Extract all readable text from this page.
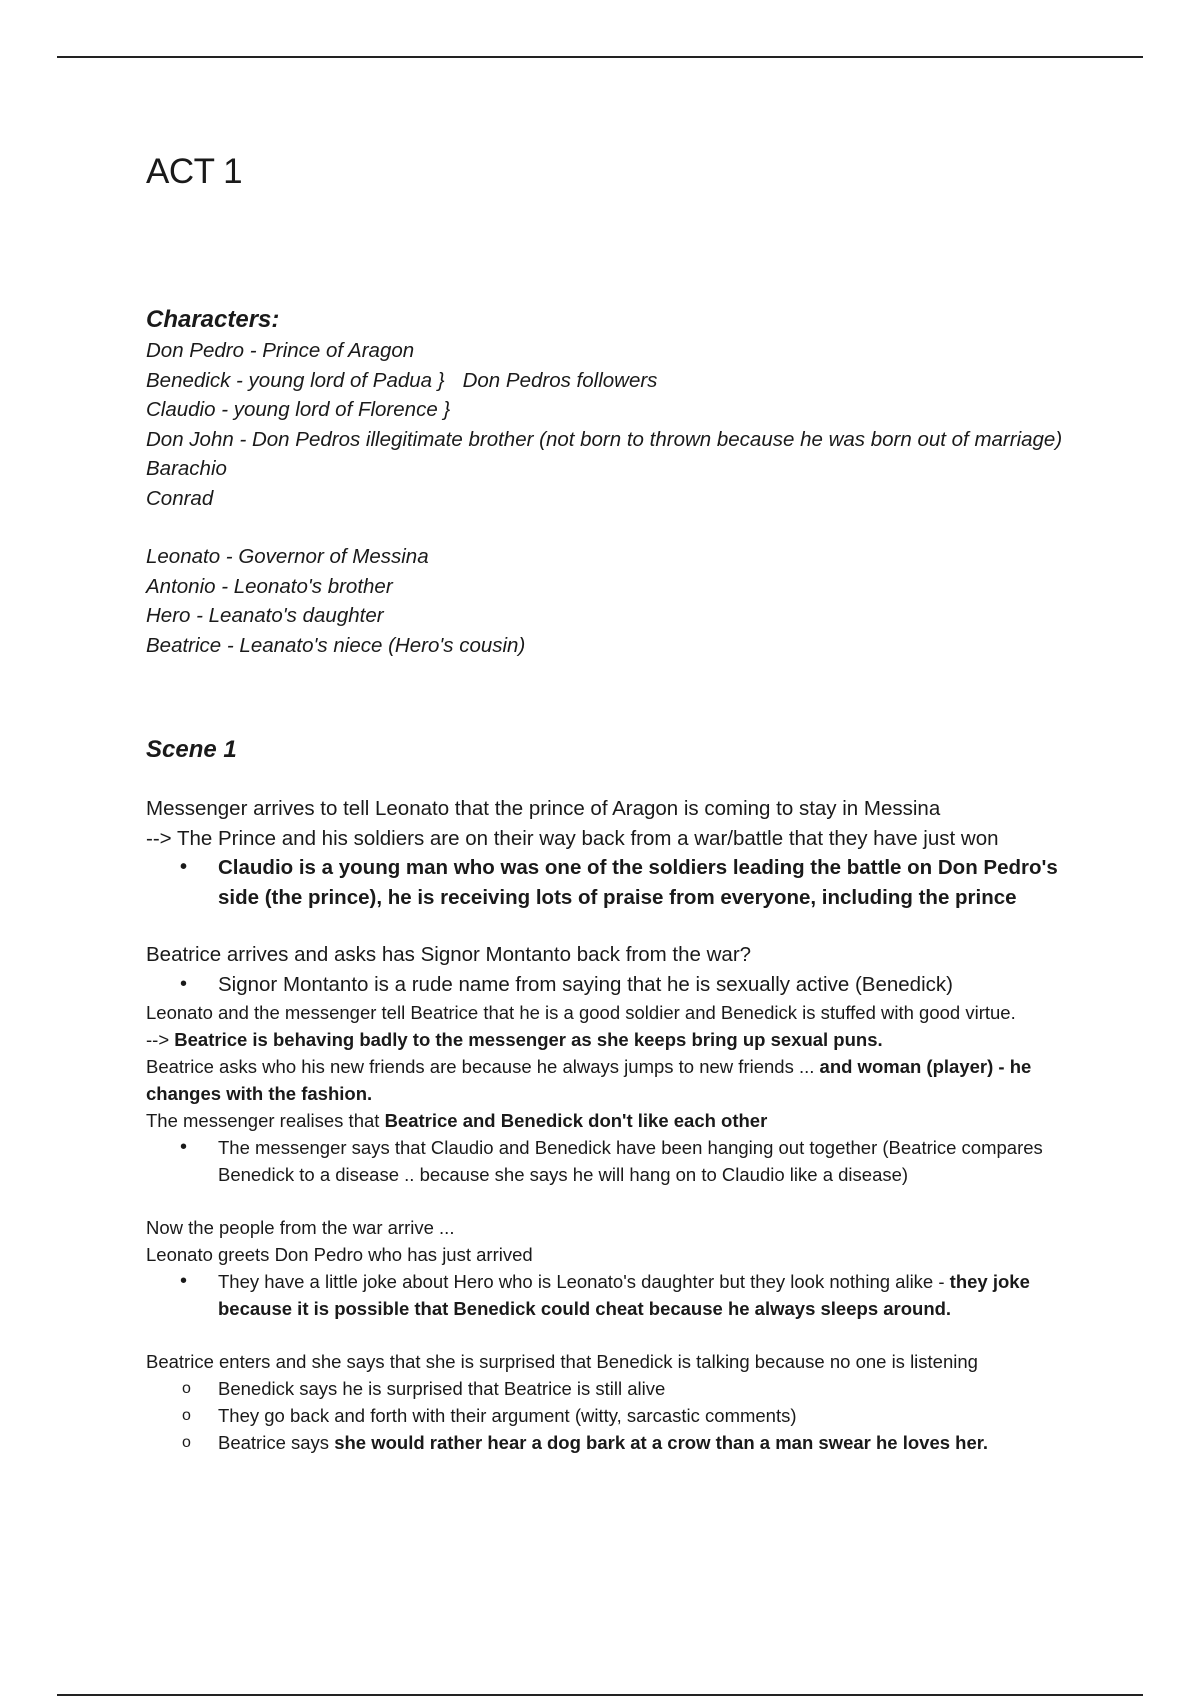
ACT 1
Characters:
Don Pedro - Prince of Aragon
Benedick - young lord of Padua } Don Pedros followers
Claudio - young lord of Florence }
Don John - Don Pedros illegitimate brother (not born to thrown because he was born out of marriage)
Barachio
Conrad
Leonato - Governor of Messina
Antonio - Leonato's brother
Hero - Leanato's daughter
Beatrice - Leanato's niece (Hero's cousin)
Scene 1

Messenger arrives to tell Leonato that the prince of Aragon is coming to stay in Messina

--> The Prince and his soldiers are on their way back from a war/battle that they have just won

• Claudio is a young man who was one of the soldiers leading the battle on Don Pedro's side (the prince), he is receiving lots of praise from everyone, including the prince

Beatrice arrives and asks has Signor Montanto back from the war?

• Signor Montanto is a rude name from saying that he is sexually active (Benedick)

Leonato and the messenger tell Beatrice that he is a good soldier and Benedick is stuffed with good virtue.

--> Beatrice is behaving badly to the messenger as she keeps bring up sexual puns.

Beatrice asks who his new friends are because he always jumps to new friends ... and woman (player) - he changes with the fashion.

The messenger realises that Beatrice and Benedick don't like each other

• The messenger says that Claudio and Benedick have been hanging out together (Beatrice compares Benedick to a disease .. because she says he will hang on to Claudio like a disease)

Now the people from the war arrive ...

Leonato greets Don Pedro who has just arrived

• They have a little joke about Hero who is Leonato's daughter but they look nothing alike - they joke because it is possible that Benedick could cheat because he always sleeps around.

Beatrice enters and she says that she is surprised that Benedick is talking because no one is listening

o Benedick says he is surprised that Beatrice is still alive
o They go back and forth with their argument (witty, sarcastic comments)
o Beatrice says she would rather hear a dog bark at a crow than a man swear he loves her.
